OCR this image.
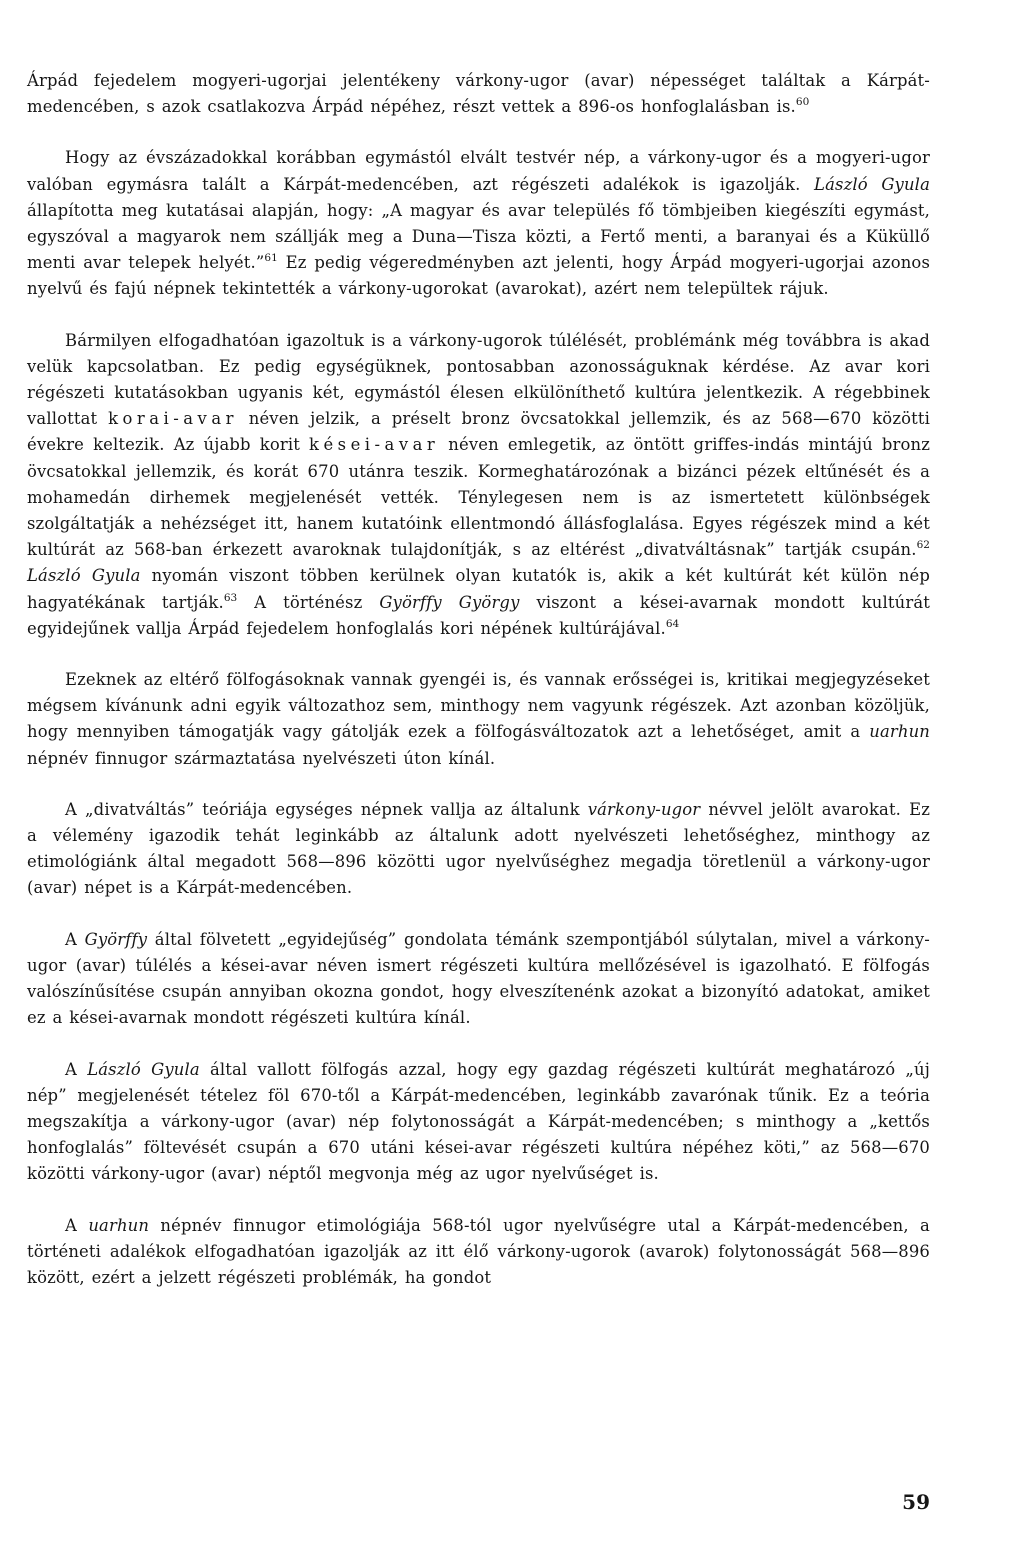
Árpád fejedelem mogyeri-ugorjai jelentékeny várkony-ugor (avar) népességet találtak a Kárpát-medencében, s azok csatlakozva Árpád népéhez, részt vettek a 896-os honfoglalásban is.$^{60}$

Hogy az évszázadokkal korábban egymástól elvált testvér nép, a várkony-ugor és a mogyeri-ugor valóban egymásra talált a Kárpát-medencében, azt régészeti adalékok is igazolják. László Gyula állapította meg kutatásai alapján, hogy: „A magyar és avar település fő tömbjeiben kiegészíti egymást, egyszóval a magyarok nem szállják meg a Duna—Tisza közti, a Fertő menti, a baranyai és a Küküllő menti avar telepek helyét.”$^{61}$ Ez pedig végeredményben azt jelenti, hogy Árpád mogyeri-ugorjai azonos nyelvű és fajú népnek tekintették a várkony-ugorokat (avarokat), azért nem települtek rájuk.

Bármilyen elfogadhatóan igazoltuk is a várkony-ugorok túlélését, problémánk még továbbra is akad velük kapcsolatban. Ez pedig egységüknek, pontosabban azonosságuknak kérdése. Az avar kori régészeti kutatásokban ugyanis két, egymástól élesen elkülöníthető kultúra jelentkezik. A régebbinek vallottat korai-avar néven jelzik, a préselt bronz övcsatokkal jellemzik, és az 568—670 közötti évekre keltezik. Az újabb korit kései-avar néven emlegetik, az öntött griffes-indás mintájú bronz övcsatokkal jellemzik, és korát 670 utánra teszik. Kormeghatározónak a bizánci pézek eltűnését és a mohamedán dirhemek megjelenését vették. Ténylegesen nem is az ismertetett különbségek szolgáltatják a nehézséget itt, hanem kutatóink ellentmondó állásfoglalása. Egyes régészek mind a két kultúrát az 568-ban érkezett avaroknak tulajdonítják, s az eltérést „divatváltásnak” tartják csupán.$^{62}$ László Gyula nyomán viszont többen kerülnek olyan kutatók is, akik a két kultúrát két külön nép hagyatékának tartják.$^{63}$ A történész Györffy György viszont a kései-avarnak mondott kultúrát egyidejűnek vallja Árpád fejedelem honfoglalás kori népének kultúrájával.$^{64}$

Ezeknek az eltérő fölfogásoknak vannak gyengéi is, és vannak erősségei is, kritikai megjegyzéseket mégsem kívánunk adni egyik változathoz sem, minthogy nem vagyunk régészek. Azt azonban közöljük, hogy mennyiben támogatják vagy gátolják ezek a fölfogásváltozatok azt a lehetőséget, amit a uarhun népnév finnugor származtatása nyelvészeti úton kínál.

A „divatváltás” teóriája egységes népnek vallja az általunk várkony-ugor névvel jelölt avarokat. Ez a vélemény igazodik tehát leginkább az általunk adott nyelvészeti lehetőséghez, minthogy az etimológiánk által megadott 568—896 közötti ugor nyelvűséghez megadja töretlenül a várkony-ugor (avar) népet is a Kárpát-medencében.

A Györffy által fölvetett „egyidejűség” gondolata témánk szempontjából súlytalan, mivel a várkony-ugor (avar) túlélés a kései-avar néven ismert régészeti kultúra mellőzésével is igazolható. E fölfogás valószínűsítése csupán annyiban okozna gondot, hogy elveszítenénk azokat a bizonyító adatokat, amiket ez a kései-avarnak mondott régészeti kultúra kínál.

A László Gyula által vallott fölfogás azzal, hogy egy gazdag régészeti kultúrát meghatározó „új nép” megjelenését tételez föl 670-től a Kárpát-medencében, leginkább zavarónak tűnik. Ez a teória megszakítja a várkony-ugor (avar) nép folytonosságát a Kárpát-medencében; s minthogy a „kettős honfoglalás” föltevését csupán a 670 utáni kései-avar régészeti kultúra népéhez köti,” az 568—670 közötti várkony-ugor (avar) néptől megvonja még az ugor nyelvűséget is.

A uarhun népnév finnugor etimológiája 568-tól ugor nyelvűségre utal a Kárpát-medencében, a történeti adalékok elfogadhatóan igazolják az itt élő várkony-ugorok (avarok) folytonosságát 568—896 között, ezért a jelzett régészeti problémák, ha gondot

59
